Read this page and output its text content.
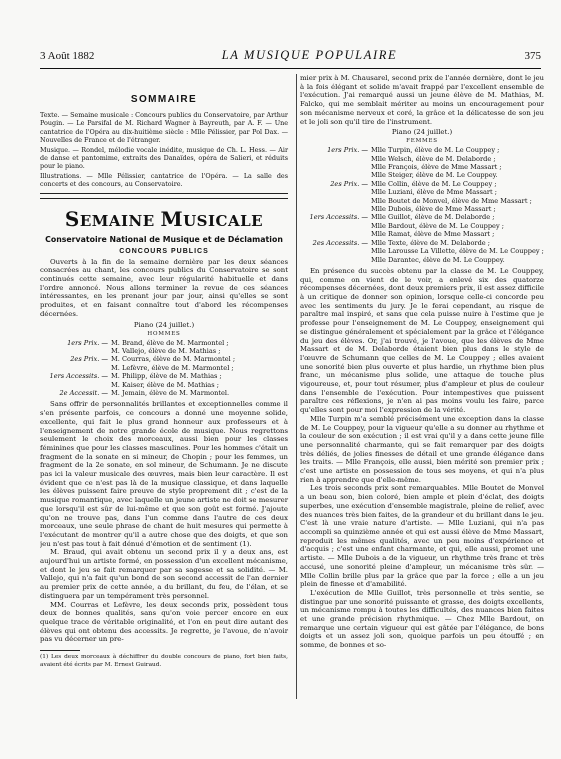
3 Août 1882	LA MUSIQUE POPULAIRE	375
SOMMAIRE

Texte. — Semaine musicale : Concours publics du Conservatoire, par Arthur Pougin. — Le Parsifal de M. Richard Wagner à Bayreuth, par A. F. — Une cantatrice de l'Opéra au dix-huitième siècle : Mlle Pélissier, par Pol Dax. — Nouvelles de France et de l'étranger.

Musique. — Rondel, mélodie vocale inédite, musique de Ch. L. Hess. — Air de danse et pantomime, extraits des Danaïdes, opéra de Salieri, et réduits pour le piano.

Illustrations. — Mlle Pélissier, cantatrice de l'Opéra. — La salle des concerts et des concours, au Conservatoire.

SEMAINE MUSICALE
Conservatoire National de Musique et de Déclamation
CONCOURS PUBLICS

Ouverts à la fin de la semaine dernière par les deux séances consacrées au chant, les concours publics du Conservatoire se sont continués cette semaine, avec leur régularité habituelle et dans l'ordre annoncé. Nous allons terminer la revue de ces séances intéressantes, en les prenant jour par jour, ainsi qu'elles se sont produites, et en faisant connaître tout d'abord les récompenses décernées.

Piano (24 juillet.)
HOMMES
1ers Prix. —	M. Brand, élève de M. Marmontel ;
	M. Vallejo, élève de M. Mathias ;
2es Prix. —	M. Courras, élève de M. Marmontel ;
	M. Lefèvre, élève de M. Marmontel ;
1ers Accessits. —	M. Philipp, élève de M. Mathias ;
	M. Kaiser, élève de M. Mathias ;
2e Accessit. —	M. Jemain, élève de M. Marmontel.

Sans offrir de personnalités brillantes et exceptionnelles comme il s'en présente parfois, ce concours a donné une moyenne solide, excellente, qui fait le plus grand honneur aux professeurs et à l'enseignement de notre grande école de musique. Nous regrettons seulement le choix des morceaux, aussi bien pour les classes féminines que pour les classes masculines. Pour les hommes c'était un fragment de la sonate en si mineur, de Chopin ; pour les femmes, un fragment de la 2e sonate, en sol mineur, de Schumann. Je ne discute pas ici la valeur musicale des œuvres, mais bien leur caractère. Il est évident que ce n'est pas là de la musique classique, et dans laquelle les élèves puissent faire preuve de style proprement dit ; c'est de la musique romantique, avec laquelle un jeune artiste ne doit se mesurer que lorsqu'il est sûr de lui-même et que son goût est formé. J'ajoute qu'on ne trouve pas, dans l'un comme dans l'autre de ces deux morceaux, une seule phrase de chant de huit mesures qui permette à l'exécutant de montrer qu'il a autre chose que des doigts, et que son jeu n'est pas tout à fait dénué d'émotion et de sentiment (1).

M. Braud, qui avait obtenu un second prix il y a deux ans, est aujourd'hui un artiste formé, en possession d'un excellent mécanisme, et dont le jeu se fait remarquer par sa sagesse et sa solidité. — M. Vallejo, qui n'a fait qu'un bond de son second accessit de l'an dernier au premier prix de cette année, a du brillant, du feu, de l'élan, et se distinguera par un tempérament très personnel.

MM. Courras et Lefèvre, les deux seconds prix, possèdent tous deux de bonnes qualités, sans qu'on voie percer encore en eux quelque trace de véritable originalité, et l'on en peut dire autant des élèves qui ont obtenu des accessits. Je regrette, je l'avoue, de n'avoir pas vu décerner un pre-

(1) Les deux morceaux à déchiffrer du double concours de piano, fort bien faits, avaient été écrits par M. Ernest Guiraud.

mier prix à M. Chausarel, second prix de l'année dernière, dont le jeu à la fois élégant et solide m'avait frappé par l'excellent ensemble de l'exécution. J'ai remarqué aussi un jeune élève de M. Mathias, M. Falcko, qui me semblait mériter au moins un encouragement pour son mécanisme nerveux et coré, la grâce et la délicatesse de son jeu et le joli son qu'il tire de l'instrument.

Piano (24 juillet.)
FEMMES
1ers Prix. —	Mlle Turpin, élève de M. Le Couppey ;
	Mlle Welsch, élève de M. Delaborde ;
	Mlle François, élève de Mme Massart ;
	Mlle Steiger, élève de M. Le Couppey.
2es Prix. —	Mlle Collin, élève de M. Le Couppey ;
	Mlle Luziani, élève de Mme Massart ;
	Mlle Boutet de Monvel, élève de Mme Massart ;
	Mlle Dubois, élève de Mme Massart ;
1ers Accessits. —	Mlle Guillot, élève de M. Delaborde ;
	Mlle Bardout, élève de M. Le Couppey ;
	Mlle Ramat, élève de Mme Massart ;
2es Accessits. —	Mlle Texte, élève de M. Delaborde ;
	Mlle Larousse La Villette, élève de M. Le Couppey ;
	Mlle Darantec, élève de M. Le Couppey.

En présence du succès obtenu par la classe de M. Le Couppey, qui, comme on vient de le voir, a enlevé six des quatorze récompenses décernées, dont deux premiers prix, il est assez difficile à un critique de donner son opinion, lorsque celle-ci concorde peu avec les sentiments du jury. Je le ferai cependant, au risque de paraître mal inspiré, et sans que cela puisse nuire à l'estime que je professe pour l'enseignement de M. Le Couppey, enseignement qui se distingue généralement et spécialement par la grâce et l'élégance du jeu des élèves. Or, j'ai trouvé, je l'avoue, que les élèves de Mme Massart et de M. Delaborde étaient bien plus dans le style de l'œuvre de Schumann que celles de M. Le Couppey ; elles avaient une sonorité bien plus ouverte et plus hardie, un rhythme bien plus franc, un mécanisme plus solide, une attaque de touche plus vigoureuse, et, pour tout résumer, plus d'ampleur et plus de couleur dans l'ensemble de l'exécution. Pour intempestives que puissent paraître ces réflexions, je n'en ai pas moins voulu les faire, parce qu'elles sont pour moi l'expression de la vérité.

Mlle Turpin m'a semblé précisément une exception dans la classe de M. Le Couppey, pour la vigueur qu'elle a su donner au rhythme et la couleur de son exécution ; il est vrai qu'il y a dans cette jeune fille une personnalité charmante, qui se fait remarquer par des doigts très déliés, de jolies finesses de détail et une grande élégance dans les traits. — Mlle François, elle aussi, bien mérité son premier prix ; c'est une artiste en possession de tous ses moyens, et qui n'a plus rien à apprendre que d'elle-même.

Les trois seconds prix sont remarquables. Mlle Boutet de Monvel a un beau son, bien coloré, bien ample et plein d'éclat, des doigts superbes, une exécution d'ensemble magistrale, pleine de relief, avec des nuances très bien faites, de la grandeur et du brillant dans le jeu. C'est là une vraie nature d'artiste. — Mlle Luziani, qui n'a pas accompli sa quinzième année et qui est aussi élève de Mme Massart, reproduit les mêmes qualités, avec un peu moins d'expérience et d'acquis ; c'est une enfant charmante, et qui, elle aussi, promet une artiste. — Mlle Dubois a de la vigueur, un rhythme très franc et très accusé, une sonorité pleine d'ampleur, un mécanisme très sûr. — Mlle Collin brille plus par la grâce que par la force ; elle a un jeu plein de finesse et d'amabilité.

L'exécution de Mlle Guillot, très personnelle et très sentie, se distingue par une sonorité puissante et grasse, des doigts excellents, un mécanisme rompu à toutes les difficultés, des nuances bien faites et une grande précision rhythmique. — Chez Mlle Bardout, on remarque une certain vigueur qui est gâtée par l'élégance, de bons doigts et un assez joli son, quoique parfois un peu étouffé ; en somme, de bonnes et so-
